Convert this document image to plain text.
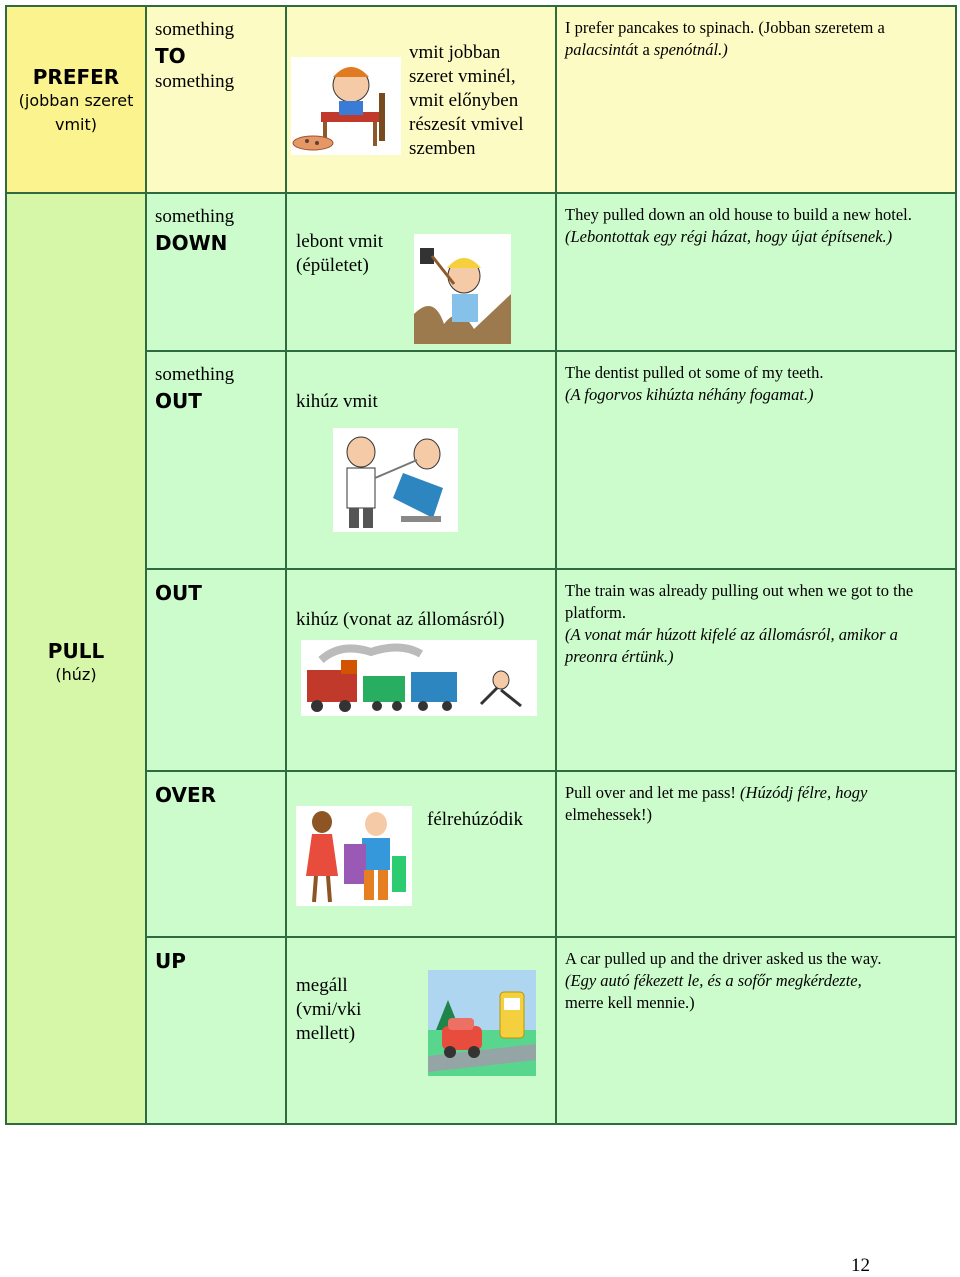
PREFER
(jobban szeret
vmit)
something
TO
something
vmit jobban
szeret vminél,
vmit előnyben
részesít vmivel
szemben
I prefer pancakes to spinach. (Jobban szeretem a
palacsintát a spenótnál.)
PULL
(húz)
something
DOWN	lebont vmit
(épületet)
They pulled down an old house to build a new hotel.
(Lebontottak egy régi házat, hogy újat építsenek.)
something
OUT	kihúz vmit
The dentist pulled ot some of my teeth.
(A fogorvos kihúzta néhány fogamat.)
OUT
kihúz (vonat az állomásról)
The train was already pulling out when we got to the platform.
(A vonat már húzott kifelé az állomásról, amikor a preonra értünk.)
OVER
félrehúzódik
Pull over and let me pass! (Húzódj félre, hogy
elmehessek!)
UP
megáll
(vmi/vki
mellett)
A car pulled up and the driver asked us the way.
(Egy autó fékezett le, és a sofőr megkérdezte,
merre kell mennie.)
12
